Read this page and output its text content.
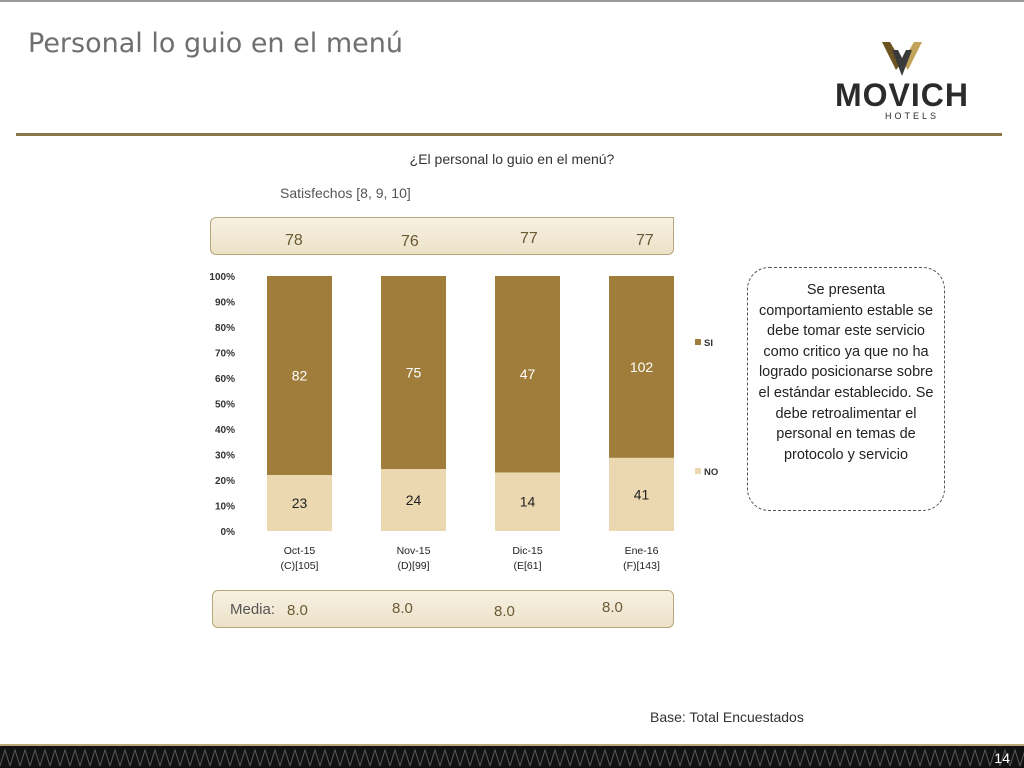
Personal lo guio en el menú
MOVICH
HOTELS
¿El personal lo guio en el menú?
Satisfechos [8, 9, 10]
78	76	77	77
0%
10%
20%
30%
40%
50%
60%
70%
80%
90%
100%
82
23
Oct-15
(C)[105]
75
24
Nov-15
(D)[99]
47
14
Dic-15
(E[61]
102
41
Ene-16
(F)[143]
SI
NO
Media: 8.0	8.0	8.0	8.0
Se presenta comportamiento estable se debe tomar este servicio como critico ya que no ha logrado posicionarse sobre el estándar establecido. Se debe retroalimentar el personal en temas de protocolo y servicio
Base: Total Encuestados
14
